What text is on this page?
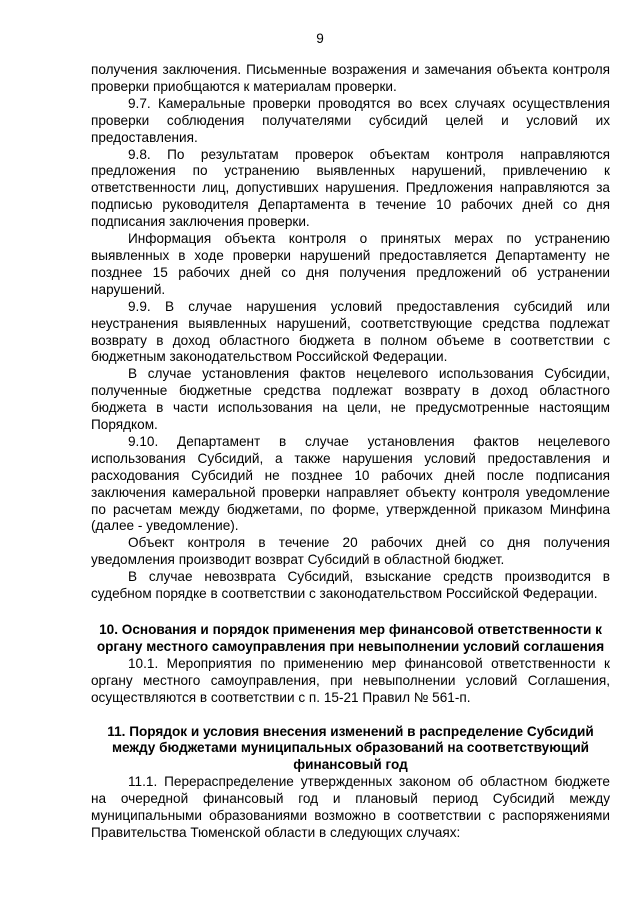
9

получения заключения. Письменные возражения и замечания объекта контроля проверки приобщаются к материалам проверки.

9.7. Камеральные проверки проводятся во всех случаях осуществления проверки соблюдения получателями субсидий целей и условий их предоставления.

9.8. По результатам проверок объектам контроля направляются предложения по устранению выявленных нарушений, привлечению к ответственности лиц, допустивших нарушения. Предложения направляются за подписью руководителя Департамента в течение 10 рабочих дней со дня подписания заключения проверки.

Информация объекта контроля о принятых мерах по устранению выявленных в ходе проверки нарушений предоставляется Департаменту не позднее 15 рабочих дней со дня получения предложений об устранении нарушений.

9.9. В случае нарушения условий предоставления субсидий или неустранения выявленных нарушений, соответствующие средства подлежат возврату в доход областного бюджета в полном объеме в соответствии с бюджетным законодательством Российской Федерации.

В случае установления фактов нецелевого использования Субсидии, полученные бюджетные средства подлежат возврату в доход областного бюджета в части использования на цели, не предусмотренные настоящим Порядком.

9.10. Департамент в случае установления фактов нецелевого использования Субсидий, а также нарушения условий предоставления и расходования Субсидий не позднее 10 рабочих дней после подписания заключения камеральной проверки направляет объекту контроля уведомление по расчетам между бюджетами, по форме, утвержденной приказом Минфина (далее - уведомление).

Объект контроля в течение 20 рабочих дней со дня получения уведомления производит возврат Субсидий в областной бюджет.

В случае невозврата Субсидий, взыскание средств производится в судебном порядке в соответствии с законодательством Российской Федерации.

10. Основания и порядок применения мер финансовой ответственности к органу местного самоуправления при невыполнении условий соглашения

10.1. Мероприятия по применению мер финансовой ответственности к органу местного самоуправления, при невыполнении условий Соглашения, осуществляются в соответствии с п. 15-21 Правил № 561-п.

11. Порядок и условия внесения изменений в распределение Субсидий между бюджетами муниципальных образований на соответствующий финансовый год

11.1. Перераспределение утвержденных законом об областном бюджете на очередной финансовый год и плановый период Субсидий между муниципальными образованиями возможно в соответствии с распоряжениями Правительства Тюменской области в следующих случаях:
